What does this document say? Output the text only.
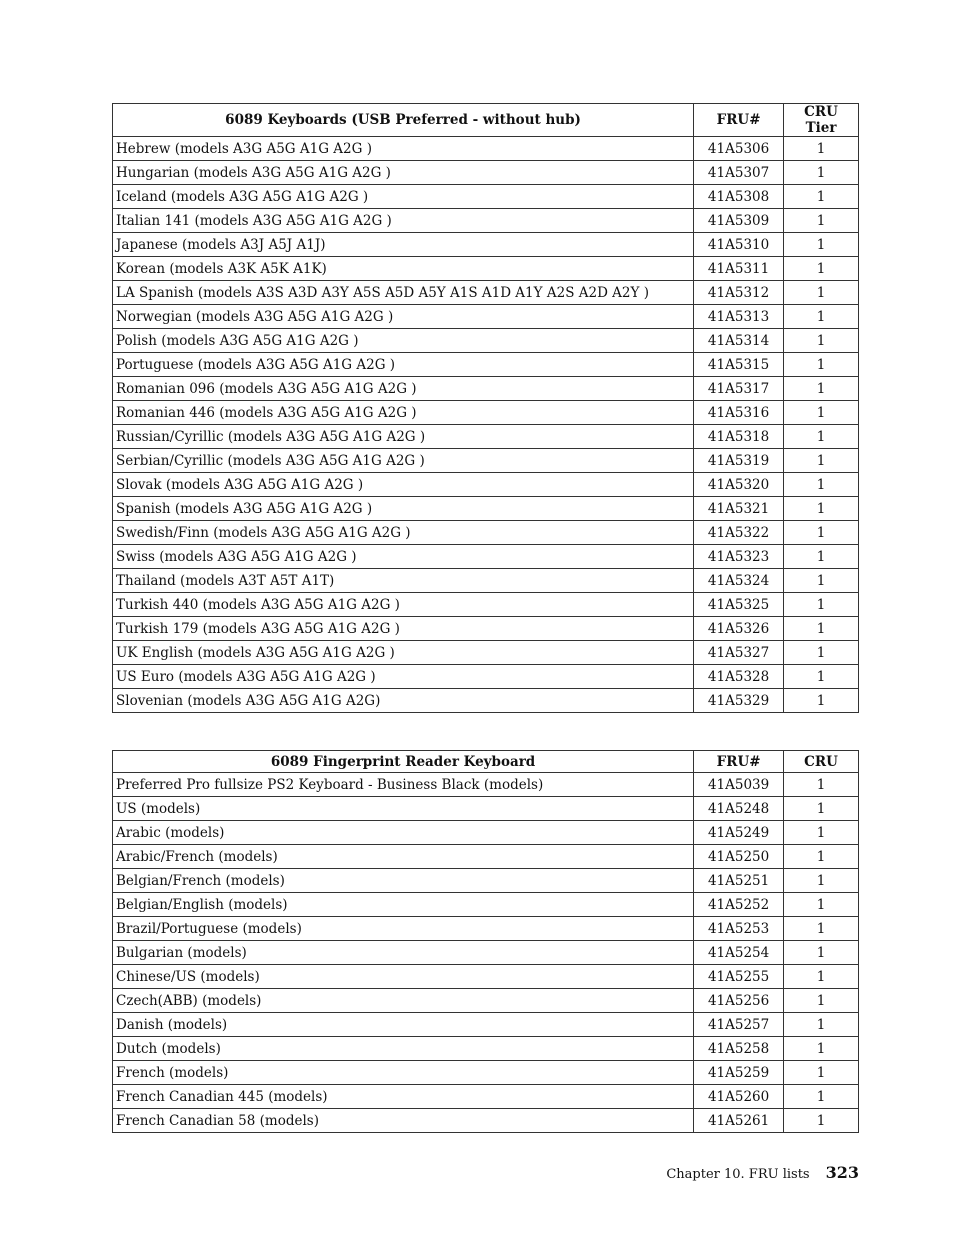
6089 Keyboards (USB Preferred - without hub)	FRU#	CRU Tier
Hebrew (models A3G A5G A1G A2G )	41A5306	1
Hungarian (models A3G A5G A1G A2G )	41A5307	1
Iceland (models A3G A5G A1G A2G )	41A5308	1
Italian 141 (models A3G A5G A1G A2G )	41A5309	1
Japanese (models A3J A5J A1J)	41A5310	1
Korean (models A3K A5K A1K)	41A5311	1
LA Spanish (models A3S A3D A3Y A5S A5D A5Y A1S A1D A1Y A2S A2D A2Y )	41A5312	1
Norwegian (models A3G A5G A1G A2G )	41A5313	1
Polish (models A3G A5G A1G A2G )	41A5314	1
Portuguese (models A3G A5G A1G A2G )	41A5315	1
Romanian 096 (models A3G A5G A1G A2G )	41A5317	1
Romanian 446 (models A3G A5G A1G A2G )	41A5316	1
Russian/Cyrillic (models A3G A5G A1G A2G )	41A5318	1
Serbian/Cyrillic (models A3G A5G A1G A2G )	41A5319	1
Slovak (models A3G A5G A1G A2G )	41A5320	1
Spanish (models A3G A5G A1G A2G )	41A5321	1
Swedish/Finn (models A3G A5G A1G A2G )	41A5322	1
Swiss (models A3G A5G A1G A2G )	41A5323	1
Thailand (models A3T A5T A1T)	41A5324	1
Turkish 440 (models A3G A5G A1G A2G )	41A5325	1
Turkish 179 (models A3G A5G A1G A2G )	41A5326	1
UK English (models A3G A5G A1G A2G )	41A5327	1
US Euro (models A3G A5G A1G A2G )	41A5328	1
Slovenian (models A3G A5G A1G A2G)	41A5329	1
6089 Fingerprint Reader Keyboard	FRU#	CRU
Preferred Pro fullsize PS2 Keyboard - Business Black (models)	41A5039	1
US (models)	41A5248	1
Arabic (models)	41A5249	1
Arabic/French (models)	41A5250	1
Belgian/French (models)	41A5251	1
Belgian/English (models)	41A5252	1
Brazil/Portuguese (models)	41A5253	1
Bulgarian (models)	41A5254	1
Chinese/US (models)	41A5255	1
Czech(ABB) (models)	41A5256	1
Danish (models)	41A5257	1
Dutch (models)	41A5258	1
French (models)	41A5259	1
French Canadian 445 (models)	41A5260	1
French Canadian 58 (models)	41A5261	1
Chapter 10. FRU lists 323
